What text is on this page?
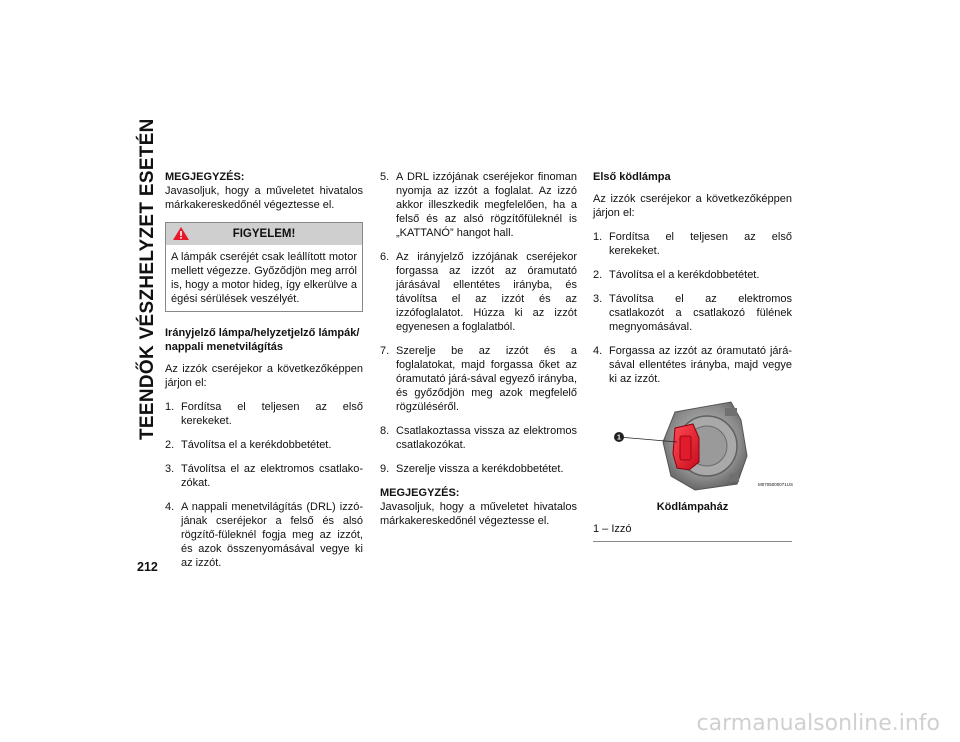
TEENDŐK VÉSZHELYZET ESETÉN
212
MEGJEGYZÉS:

Javasoljuk, hogy a műveletet hivatalos márkakereskedőnél végeztesse el.

FIGYELEM!
A lámpák cseréjét csak leállított motor mellett végezze. Győződjön meg arról is, hogy a motor hideg, így elkerülve a égési sérülések veszélyét.
Irányjelző lámpa/helyzetjelző lámpák/ nappali menetvilágítás

Az izzók cseréjekor a következőképpen járjon el:

1. Fordítsa el teljesen az első kerekeket.
2. Távolítsa el a kerékdobbetétet.
3. Távolítsa el az elektromos csatlako-zókat.
4. A nappali menetvilágítás (DRL) izzó-jának cseréjekor a felső és alsó rögzítő-füleknél fogja meg az izzót, és azok összenyomásával vegye ki az izzót.
5. A DRL izzójának cseréjekor finoman nyomja az izzót a foglalat. Az izzó akkor illeszkedik megfelelően, ha a felső és az alsó rögzítőfüleknél is „KATTANÓ” hangot hall.
6. Az irányjelző izzójának cseréjekor forgassa az izzót az óramutató járásával ellentétes irányba, és távolítsa el az izzót és az izzófoglalatot. Húzza ki az izzót egyenesen a foglalatból.
7. Szerelje be az izzót és a foglalatokat, majd forgassa őket az óramutató járá-sával egyező irányba, és győződjön meg azok megfelelő rögzüléséről.
8. Csatlakoztassa vissza az elektromos csatlakozókat.
9. Szerelje vissza a kerékdobbetétet.
MEGJEGYZÉS:

Javasoljuk, hogy a műveletet hivatalos márkakereskedőnél végeztesse el.

Első ködlámpa

Az izzók cseréjekor a következőképpen járjon el:

1. Fordítsa el teljesen az első kerekeket.
2. Távolítsa el a kerékdobbetétet.
3. Távolítsa el az elektromos csatlakozót a csatlakozó fülének megnyomásával.
4. Forgassa az izzót az óramutató járá-sával ellentétes irányba, majd vegye ki az izzót.
1
M0705000071US
Ködlámpaház
1 – Izzó
carmanualsonline.info
